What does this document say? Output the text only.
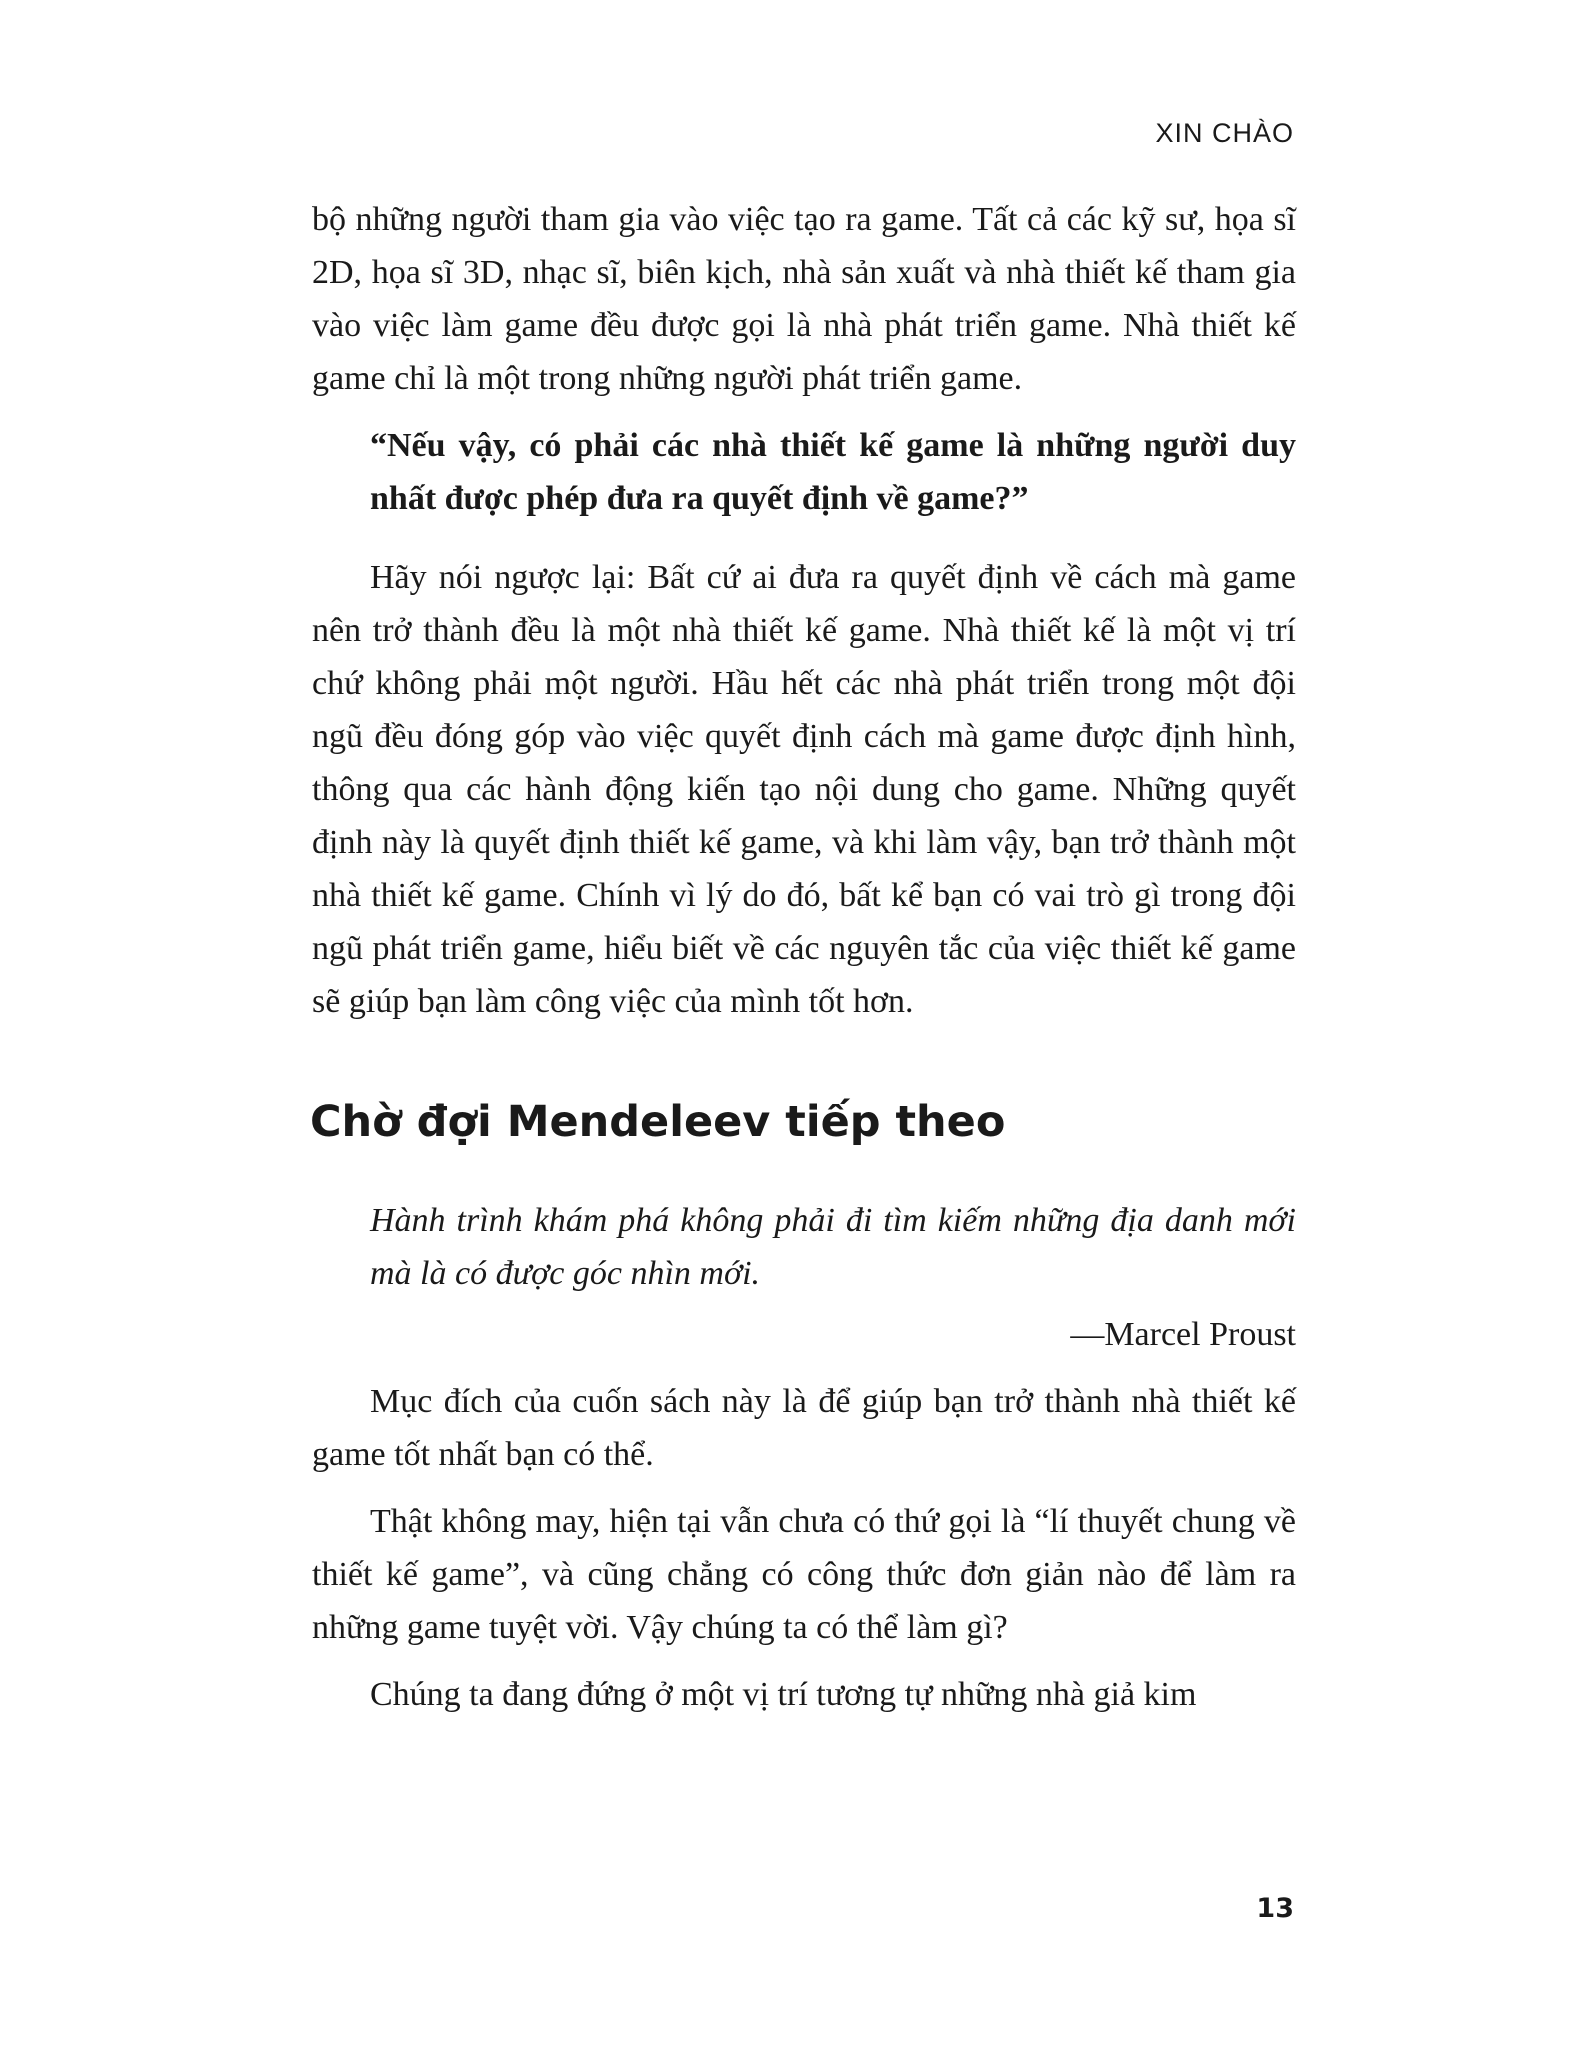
XIN CHÀO

bộ những người tham gia vào việc tạo ra game. Tất cả các kỹ sư, họa sĩ 2D, họa sĩ 3D, nhạc sĩ, biên kịch, nhà sản xuất và nhà thiết kế tham gia vào việc làm game đều được gọi là nhà phát triển game. Nhà thiết kế game chỉ là một trong những người phát triển game.

“Nếu vậy, có phải các nhà thiết kế game là những người duy nhất được phép đưa ra quyết định về game?”

Hãy nói ngược lại: Bất cứ ai đưa ra quyết định về cách mà game nên trở thành đều là một nhà thiết kế game. Nhà thiết kế là một vị trí chứ không phải một người. Hầu hết các nhà phát triển trong một đội ngũ đều đóng góp vào việc quyết định cách mà game được định hình, thông qua các hành động kiến tạo nội dung cho game. Những quyết định này là quyết định thiết kế game, và khi làm vậy, bạn trở thành một nhà thiết kế game. Chính vì lý do đó, bất kể bạn có vai trò gì trong đội ngũ phát triển game, hiểu biết về các nguyên tắc của việc thiết kế game sẽ giúp bạn làm công việc của mình tốt hơn.

Chờ đợi Mendeleev tiếp theo

Hành trình khám phá không phải đi tìm kiếm những địa danh mới mà là có được góc nhìn mới.

—Marcel Proust

Mục đích của cuốn sách này là để giúp bạn trở thành nhà thiết kế game tốt nhất bạn có thể.

Thật không may, hiện tại vẫn chưa có thứ gọi là “lí thuyết chung về thiết kế game”, và cũng chẳng có công thức đơn giản nào để làm ra những game tuyệt vời. Vậy chúng ta có thể làm gì?

Chúng ta đang đứng ở một vị trí tương tự những nhà giả kim

13
